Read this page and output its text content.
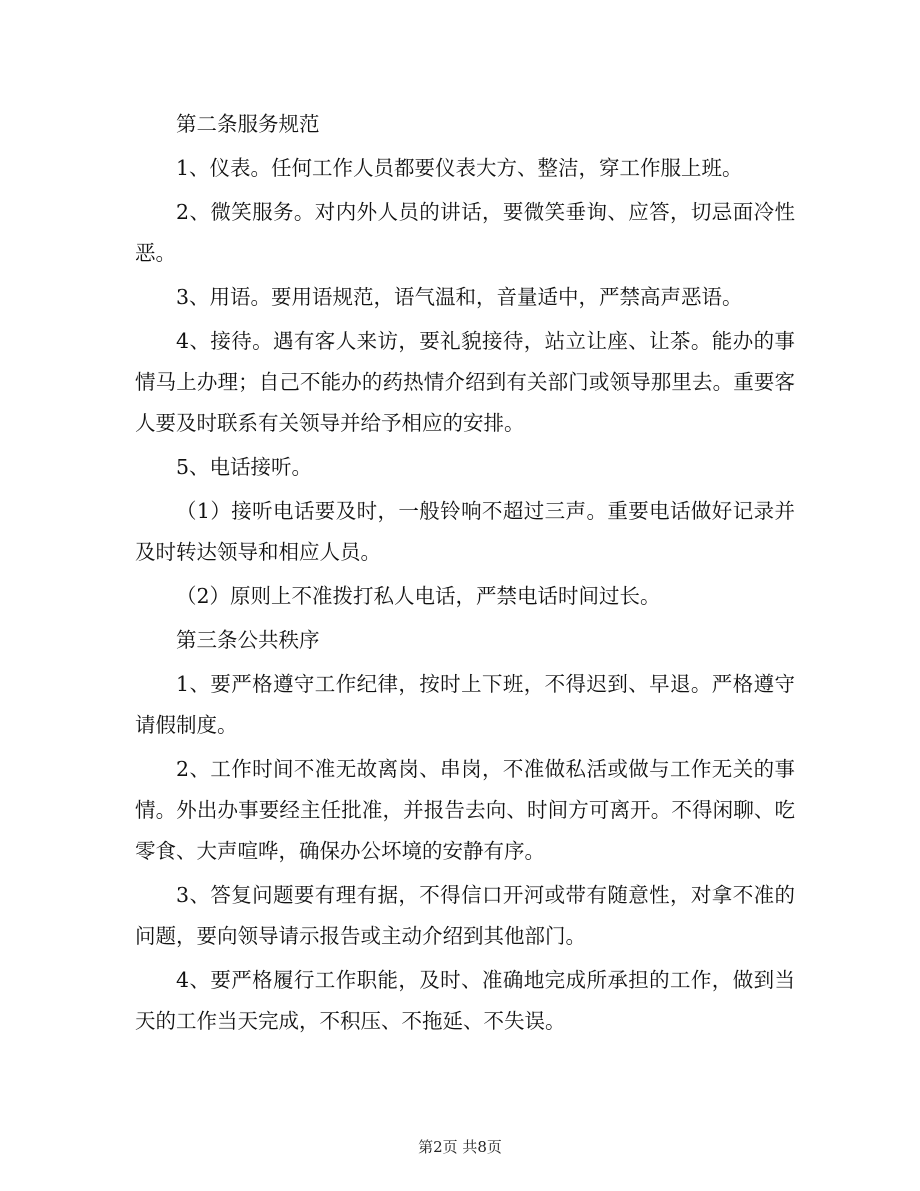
第二条服务规范

1、仪表。任何工作人员都要仪表大方、整洁，穿工作服上班。

2、微笑服务。对内外人员的讲话，要微笑垂询、应答，切忌面冷性恶。

3、用语。要用语规范，语气温和，音量适中，严禁高声恶语。

4、接待。遇有客人来访，要礼貌接待，站立让座、让茶。能办的事情马上办理；自己不能办的药热情介绍到有关部门或领导那里去。重要客人要及时联系有关领导并给予相应的安排。

5、电话接听。

（1）接听电话要及时，一般铃响不超过三声。重要电话做好记录并及时转达领导和相应人员。

（2）原则上不准拨打私人电话，严禁电话时间过长。

第三条公共秩序

1、要严格遵守工作纪律，按时上下班，不得迟到、早退。严格遵守请假制度。

2、工作时间不准无故离岗、串岗，不准做私活或做与工作无关的事情。外出办事要经主任批准，并报告去向、时间方可离开。不得闲聊、吃零食、大声喧哗，确保办公坏境的安静有序。

3、答复问题要有理有据，不得信口开河或带有随意性，对拿不准的问题，要向领导请示报告或主动介绍到其他部门。

4、要严格履行工作职能，及时、准确地完成所承担的工作，做到当天的工作当天完成，不积压、不拖延、不失误。

第2页 共8页
